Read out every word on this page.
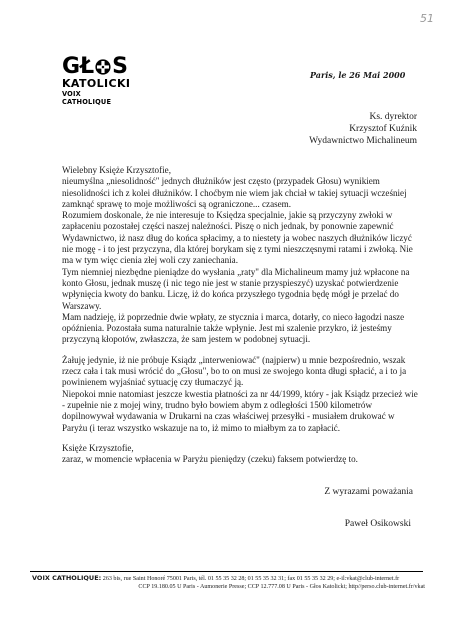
51
GŁ S
KATOLICKI
VOIX CATHOLIQUE
Paris, le 26 Mai 2000
Ks. dyrektor
Krzysztof Kuźnik
Wydawnictwo Michalineum

Wielebny Księże Krzysztofie,
nieumyślna „niesolidność" jednych dłużników jest często (przypadek Głosu) wynikiem niesolidności ich z kolei dłużników. I choćbym nie wiem jak chciał w takiej sytuacji wcześniej zamknąć sprawę to moje możliwości są ograniczone... czasem.
Rozumiem doskonale, że nie interesuje to Księdza specjalnie, jakie są przyczyny zwłoki w zapłaceniu pozostałej części naszej należności. Piszę o nich jednak, by ponownie zapewnić Wydawnictwo, iż nasz dług do końca spłacimy, a to niestety ja wobec naszych dłużników liczyć nie mogę - i to jest przyczyna, dla której borykam się z tymi nieszczęsnymi ratami i zwłoką. Nie ma w tym więc cienia złej woli czy zaniechania.
Tym niemniej niezbędne pieniądze do wysłania „raty" dla Michalineum mamy już wpłacone na konto Głosu, jednak muszę (i nic tego nie jest w stanie przyspieszyć) uzyskać potwierdzenie wpłynięcia kwoty do banku. Liczę, iż do końca przyszłego tygodnia będę mógł je przelać do Warszawy.
Mam nadzieję, iż poprzednie dwie wpłaty, ze stycznia i marca, dotarły, co nieco łagodzi nasze opóźnienia. Pozostała suma naturalnie także wpłynie. Jest mi szalenie przykro, iż jesteśmy przyczyną kłopotów, zwłaszcza, że sam jestem w podobnej sytuacji.

Żałuję jedynie, iż nie próbuje Ksiądz „interweniować" (najpierw) u mnie bezpośrednio, wszak rzecz cała i tak musi wrócić do „Głosu", bo to on musi ze swojego konta długi spłacić, a i to ja powinienem wyjaśniać sytuację czy tłumaczyć ją.
Niepokoi mnie natomiast jeszcze kwestia płatności za nr 44/1999, który - jak Ksiądz przecież wie - zupełnie nie z mojej winy, trudno było bowiem abym z odległości 1500 kilometrów dopilnowywał wydawania w Drukarni na czas właściwej przesyłki - musiałem drukować w Paryżu (i teraz wszystko wskazuje na to, iż mimo to miałbym za to zapłacić.

Księże Krzysztofie,
zaraz, w momencie wpłacenia w Paryżu pieniędzy (czeku) faksem potwierdzę to.

Z wyrazami poważania
Paweł Osikowski
VOIX CATHOLIQUE: 263 bis, rue Saint Honoré 75001 Paris, tél. 01 55 35 32 28; 01 55 35 32 31; fax 01 55 35 32 29; e-il:vkat@club-internet.fr
CCP 19.180.05 U Paris - Aumonerie Presse; CCP 12.777.08 U Paris - Głos Katolicki; http//perso.club-internet.fr/vkat
